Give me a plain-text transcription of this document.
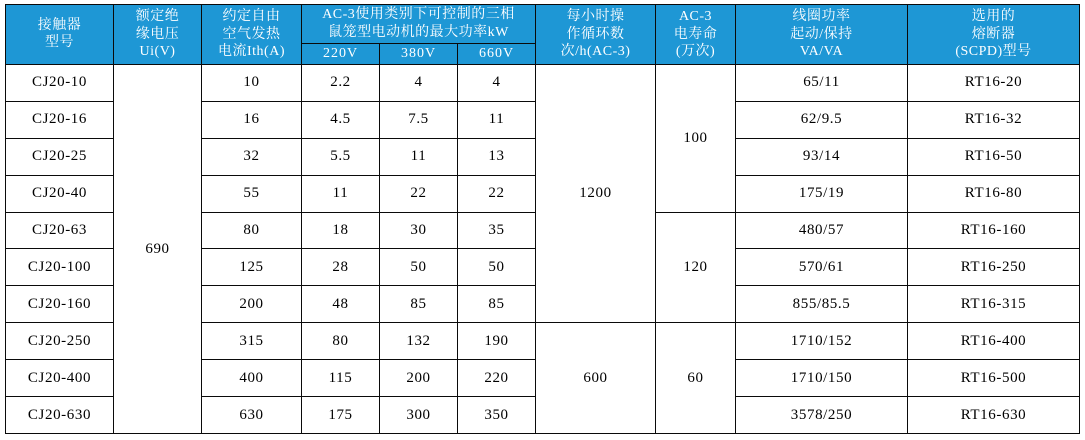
接触器
型号	额定绝
缘电压
Ui(V)	约定自由
空气发热
电流Ith(A)	AC-3使用类别下可控制的三相
鼠笼型电动机的最大功率kW			每小时操
作循环数
次/h(AC-3)	AC-3
电寿命
(万次)	线圈功率
起动/保持
VA/VA	选用的
熔断器
(SCPD)型号

			220V	380V	660V				
CJ20-10	690	10	2.2	4	4	1200	100	65/11	RT16-20
CJ20-16		16	4.5	7.5	11			62/9.5	RT16-32
CJ20-25		32	5.5	11	13			93/14	RT16-50
CJ20-40		55	11	22	22			175/19	RT16-80
CJ20-63		80	18	30	35		120	480/57	RT16-160
CJ20-100		125	28	50	50			570/61	RT16-250
CJ20-160		200	48	85	85			855/85.5	RT16-315
CJ20-250		315	80	132	190	600	60	1710/152	RT16-400
CJ20-400		400	115	200	220			1710/150	RT16-500
CJ20-630		630	175	300	350			3578/250	RT16-630
